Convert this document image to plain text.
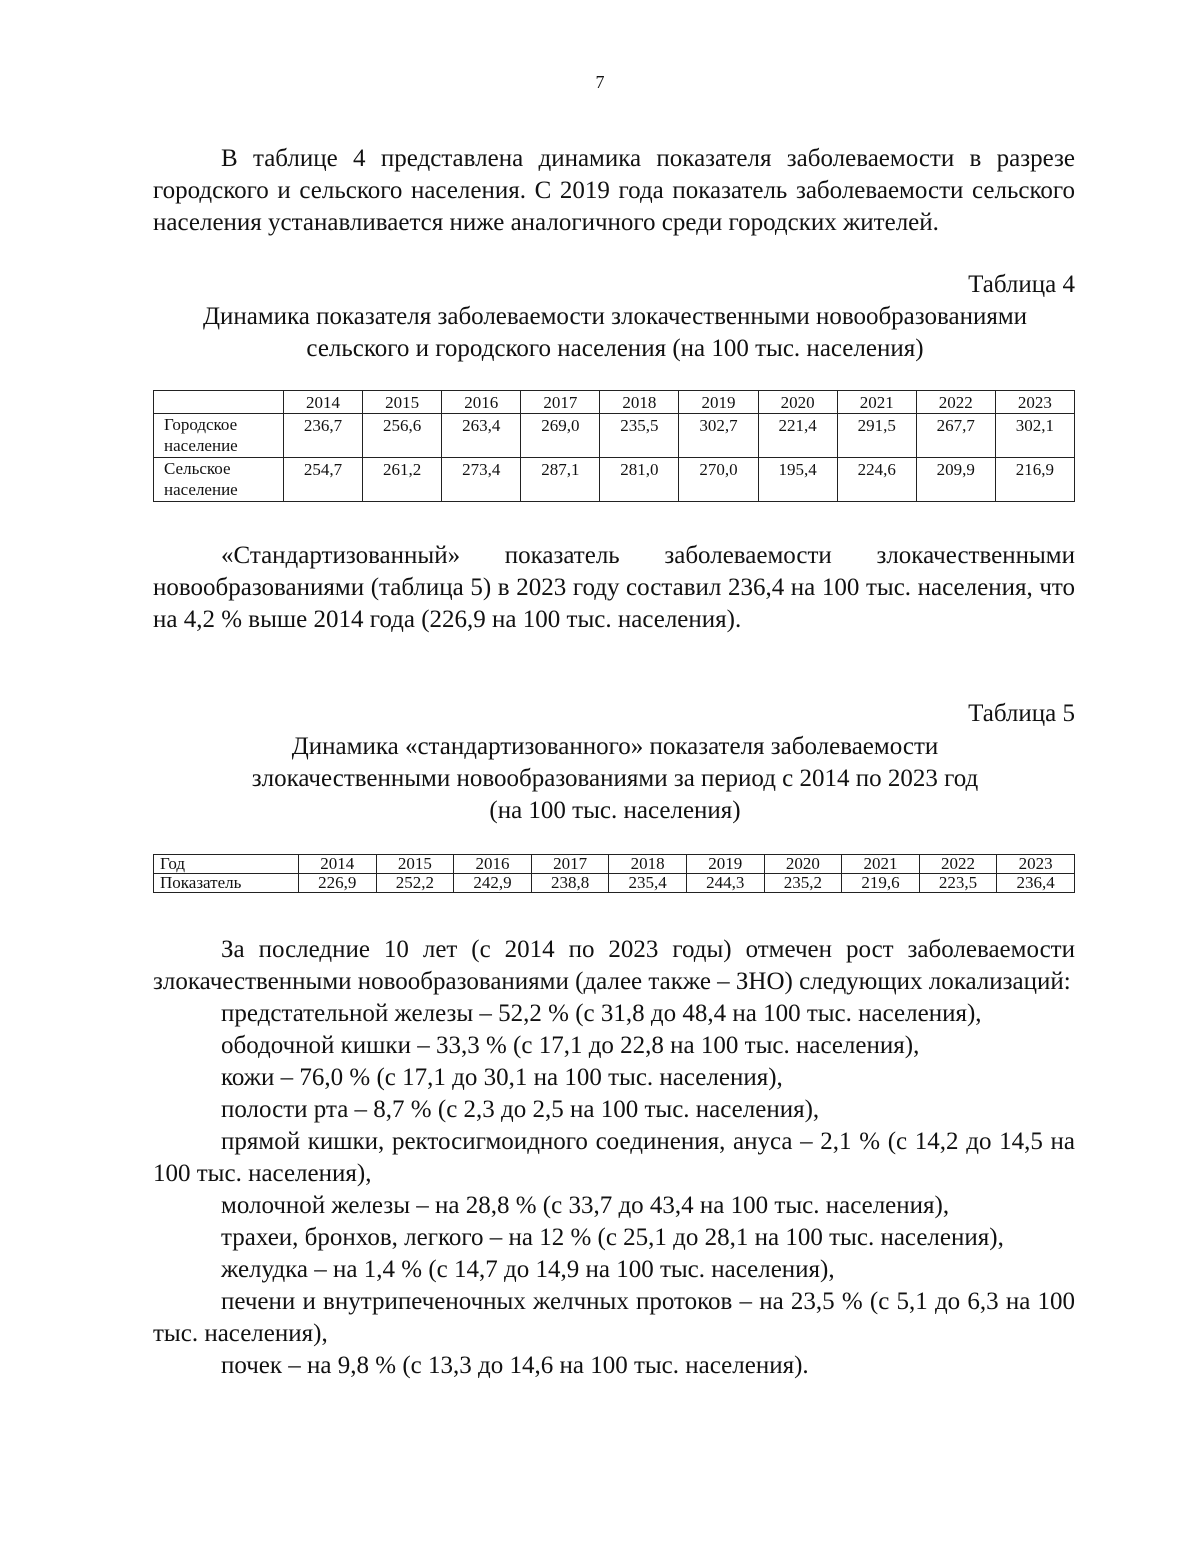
7

В таблице 4 представлена динамика показателя заболеваемости в разрезе городского и сельского населения. С 2019 года показатель заболеваемости сельского населения устанавливается ниже аналогичного среди городских жителей.

Таблица 4
Динамика показателя заболеваемости злокачественными новообразованиями
сельского и городского населения (на 100 тыс. населения)
	2014	2015	2016	2017	2018	2019	2020	2021	2022	2023

Городское
население	236,7	256,6	263,4	269,0	235,5	302,7	221,4	291,5	267,7	302,1

Сельское
население	254,7	261,2	273,4	287,1	281,0	270,0	195,4	224,6	209,9	216,9

«Стандартизованный» показатель заболеваемости злокачественными новообразованиями (таблица 5) в 2023 году составил 236,4 на 100 тыс. населения, что на 4,2 % выше 2014 года (226,9 на 100 тыс. населения).

Таблица 5
Динамика «стандартизованного» показателя заболеваемости
злокачественными новообразованиями за период с 2014 по 2023 год
(на 100 тыс. населения)
Год	2014	2015	2016	2017	2018	2019	2020	2021	2022	2023
Показатель	226,9	252,2	242,9	238,8	235,4	244,3	235,2	219,6	223,5	236,4

За последние 10 лет (с 2014 по 2023 годы) отмечен рост заболеваемости злокачественными новообразованиями (далее также – ЗНО) следующих локализаций:

предстательной железы – 52,2 % (с 31,8 до 48,4 на 100 тыс. населения),

ободочной кишки – 33,3 % (с 17,1 до 22,8 на 100 тыс. населения),

кожи – 76,0 % (с 17,1 до 30,1 на 100 тыс. населения),

полости рта – 8,7 % (с 2,3 до 2,5 на 100 тыс. населения),

прямой кишки, ректосигмоидного соединения, ануса – 2,1 % (с 14,2 до 14,5 на 100 тыс. населения),

молочной железы – на 28,8 % (с 33,7 до 43,4 на 100 тыс. населения),

трахеи, бронхов, легкого – на 12 % (с 25,1 до 28,1 на 100 тыс. населения),

желудка – на 1,4 % (с 14,7 до 14,9 на 100 тыс. населения),

печени и внутрипеченочных желчных протоков – на 23,5 % (с 5,1 до 6,3 на 100 тыс. населения),

почек – на 9,8 % (с 13,3 до 14,6 на 100 тыс. населения).
